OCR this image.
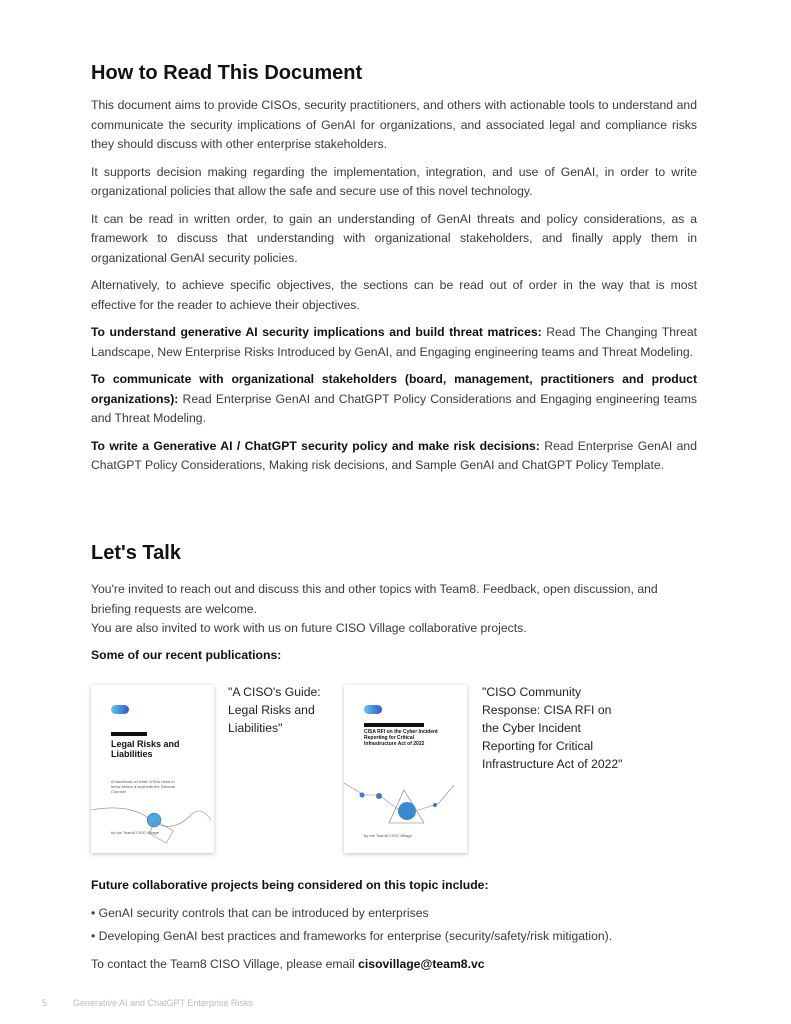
How to Read This Document

This document aims to provide CISOs, security practitioners, and others with actionable tools to understand and communicate the security implications of GenAI for organizations, and associated legal and compliance risks they should discuss with other enterprise stakeholders.

It supports decision making regarding the implementation, integration, and use of GenAI, in order to write organizational policies that allow the safe and secure use of this novel technology.

It can be read in written order, to gain an understanding of GenAI threats and policy considerations, as a framework to discuss that understanding with organizational stakeholders, and finally apply them in organizational GenAI security policies.

Alternatively, to achieve specific objectives, the sections can be read out of order in the way that is most effective for the reader to achieve their objectives.

To understand generative AI security implications and build threat matrices: Read The Changing Threat Landscape, New Enterprise Risks Introduced by GenAI, and Engaging engineering teams and Threat Modeling.

To communicate with organizational stakeholders (board, management, practitioners and product organizations): Read Enterprise GenAI and ChatGPT Policy Considerations and Engaging engineering teams and Threat Modeling.

To write a Generative AI / ChatGPT security policy and make risk decisions: Read Enterprise GenAI and ChatGPT Policy Considerations, Making risk decisions, and Sample GenAI and ChatGPT Policy Template.

Let's Talk
You're invited to reach out and discuss this and other topics with Team8. Feedback, open discussion, and briefing requests are welcome.
You are also invited to work with us on future CISO Village collaborative projects.
Some of our recent publications:
Legal Risks and Liabilities
A handbook on what CISOs need to know before a chat with the General Counsel
by the Team8 CISO Village
"A CISO's Guide: Legal Risks and Liabilities"	CISA RFI on the Cyber Incident Reporting for Critical Infrastructure Act of 2022
by the Team8 CISO Village
"CISO Community Response: CISA RFI on the Cyber Incident Reporting for Critical Infrastructure Act of 2022"
Future collaborative projects being considered on this topic include:
• GenAI security controls that can be introduced by enterprises
• Developing GenAI best practices and frameworks for enterprise (security/safety/risk mitigation).
To contact the Team8 CISO Village, please email cisovillage@team8.vc
5	Generative AI and ChatGPT Enterprise Risks
